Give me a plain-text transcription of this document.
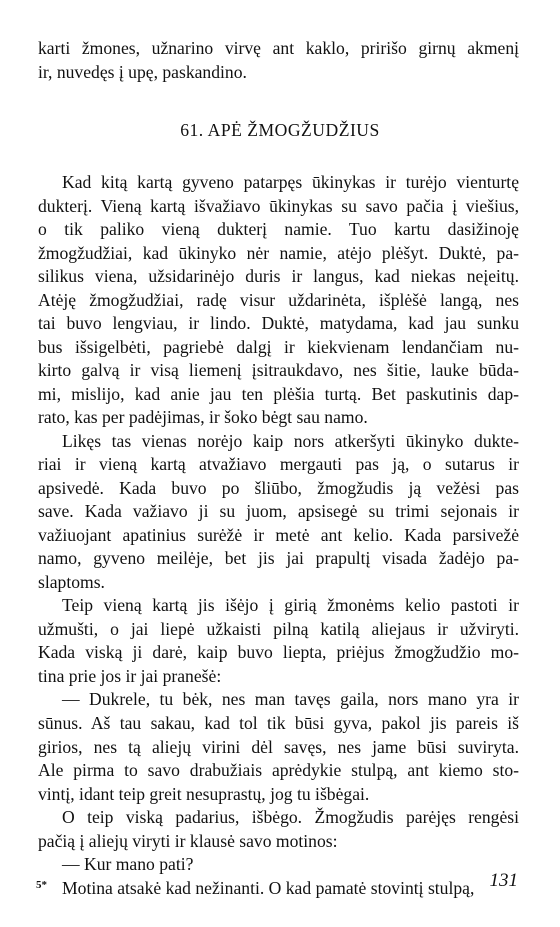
karti žmones, užnarino virvę ant kaklo, pririšo girnų akmenį
ir, nuvedęs į upę, paskandino.
61. APĖ ŽMOGŽUDŽIUS
Kad kitą kartą gyveno patarpęs ūkinykas ir turėjo vienturtę
dukterį. Vieną kartą išvažiavo ūkinykas su savo pačia į viešius,
o tik paliko vieną dukterį namie. Tuo kartu dasižinoję
žmogžudžiai, kad ūkinyko nėr namie, atėjo plėšyt. Duktė, pa-
silikus viena, užsidarinėjo duris ir langus, kad niekas neįeitų.
Atėję žmogžudžiai, radę visur uždarinėta, išplėšė langą, nes
tai buvo lengviau, ir lindo. Duktė, matydama, kad jau sunku
bus išsigelbėti, pagriebė dalgį ir kiekvienam lendančiam nu-
kirto galvą ir visą liemenį įsitraukdavo, nes šitie, lauke būda-
mi, mislijo, kad anie jau ten plėšia turtą. Bet paskutinis dap-
rato, kas per padėjimas, ir šoko bėgt sau namo.
Likęs tas vienas norėjo kaip nors atkeršyti ūkinyko dukte-
riai ir vieną kartą atvažiavo mergauti pas ją, o sutarus ir
apsivedė. Kada buvo po šliūbo, žmogžudis ją vežėsi pas
save. Kada važiavo ji su juom, apsisegė su trimi sejonais ir
važiuojant apatinius surėžė ir metė ant kelio. Kada parsivežė
namo, gyveno meilėje, bet jis jai prapultį visada žadėjo pa-
slaptoms.
Teip vieną kartą jis išėjo į girią žmonėms kelio pastoti ir
užmušti, o jai liepė užkaisti pilną katilą aliejaus ir užviryti.
Kada viską ji darė, kaip buvo liepta, priėjus žmogžudžio mo-
tina prie jos ir jai pranešė:
— Dukrele, tu bėk, nes man tavęs gaila, nors mano yra ir
sūnus. Aš tau sakau, kad tol tik būsi gyva, pakol jis pareis iš
girios, nes tą aliejų virini dėl savęs, nes jame būsi suviryta.
Ale pirma to savo drabužiais aprėdykie stulpą, ant kiemo sto-
vintį, idant teip greit nesuprastų, jog tu išbėgai.
O teip viską padarius, išbėgo. Žmogžudis parėjęs rengėsi
pačią į aliejų viryti ir klausė savo motinos:
— Kur mano pati?
Motina atsakė kad nežinanti. O kad pamatė stovintį stulpą,
5*	131
